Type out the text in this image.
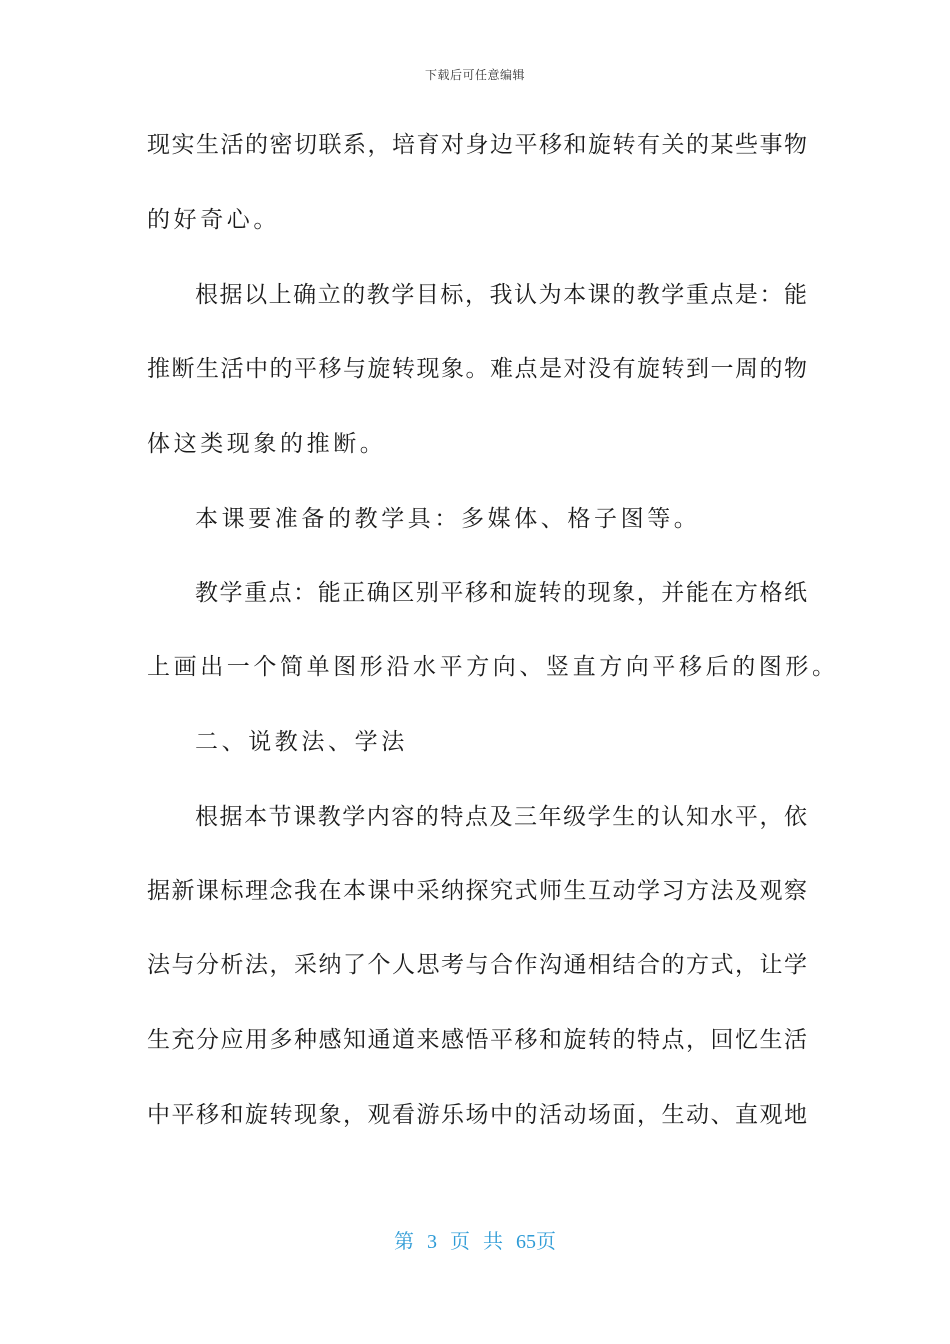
下载后可任意编辑
现实生活的密切联系，培育对身边平移和旋转有关的某些事物
的好奇心。
根据以上确立的教学目标，我认为本课的教学重点是：能
推断生活中的平移与旋转现象。难点是对没有旋转到一周的物
体这类现象的推断。
本课要准备的教学具：多媒体、格子图等。
教学重点：能正确区别平移和旋转的现象，并能在方格纸
上画出一个简单图形沿水平方向、竖直方向平移后的图形。
二、说教法、学法
根据本节课教学内容的特点及三年级学生的认知水平，依
据新课标理念我在本课中采纳探究式师生互动学习方法及观察
法与分析法，采纳了个人思考与合作沟通相结合的方式，让学
生充分应用多种感知通道来感悟平移和旋转的特点，回忆生活
中平移和旋转现象，观看游乐场中的活动场面，生动、直观地
第 3 页 共 65页
